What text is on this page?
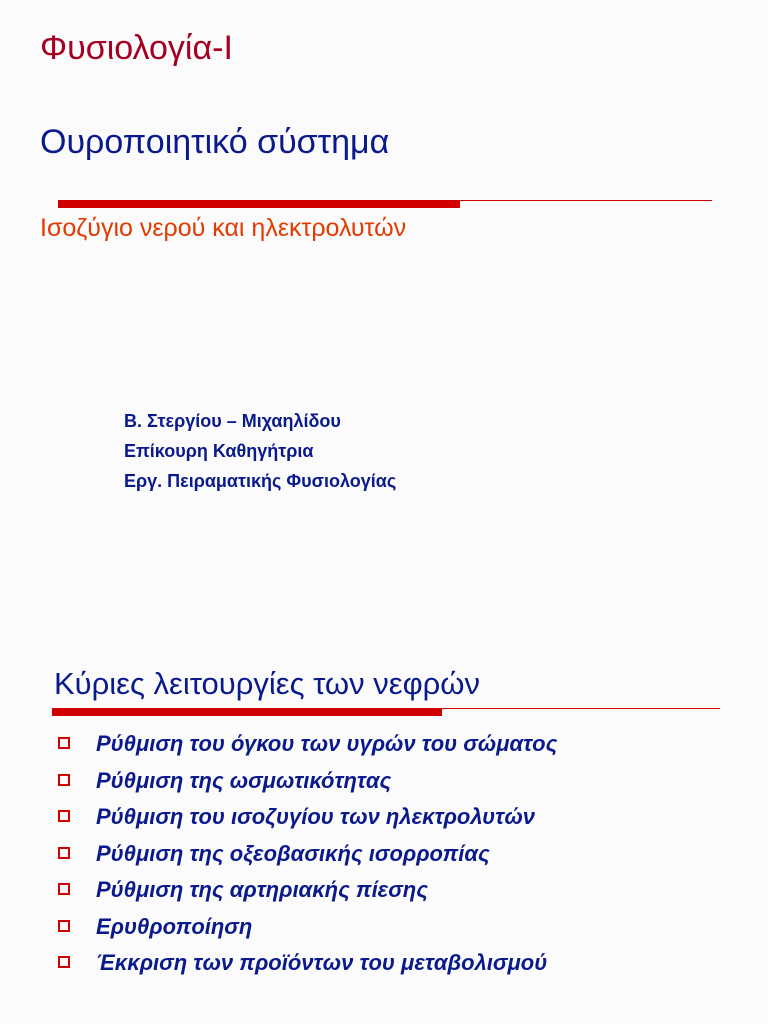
Φυσιολογία-Ι
Ουροποιητικό σύστημα
Ισοζύγιο νερού και ηλεκτρολυτών
Β. Στεργίου – Μιχαηλίδου
Επίκουρη Καθηγήτρια
Εργ. Πειραματικής Φυσιολογίας
Κύριες λειτουργίες των νεφρών
Ρύθμιση του όγκου των υγρών του σώματος
Ρύθμιση της ωσμωτικότητας
Ρύθμιση του ισοζυγίου των ηλεκτρολυτών
Ρύθμιση της οξεοβασικής ισορροπίας
Ρύθμιση της αρτηριακής πίεσης
Ερυθροποίηση
Έκκριση των προϊόντων του μεταβολισμού
